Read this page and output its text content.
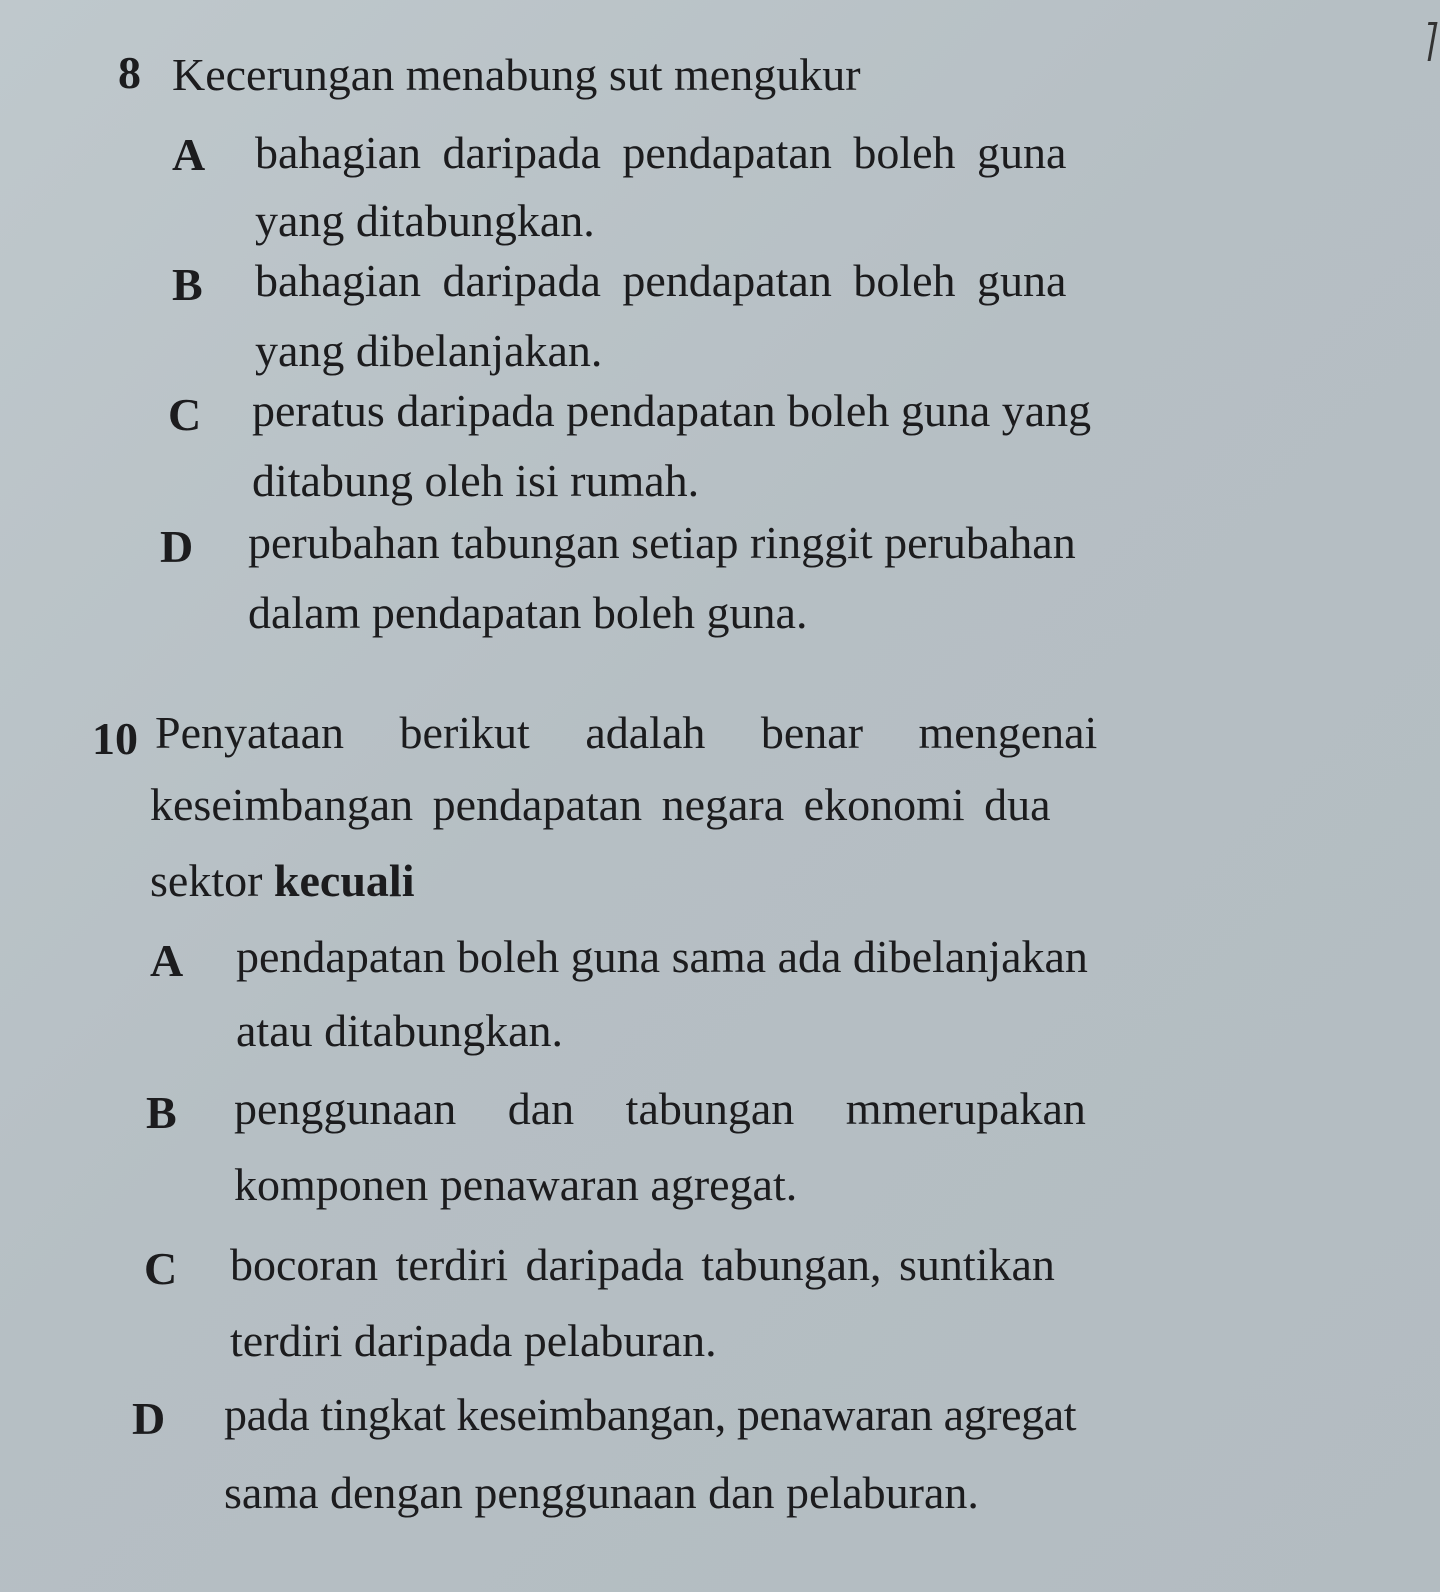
8 Kecerungan menabung sut mengukur
A bahagian daripada pendapatan boleh guna
yang ditabungkan.
B bahagian daripada pendapatan boleh guna
yang dibelanjakan.
C peratus daripada pendapatan boleh guna yang
ditabung oleh isi rumah.
D perubahan tabungan setiap ringgit perubahan
dalam pendapatan boleh guna.
10 Penyataan berikut adalah benar mengenai
keseimbangan pendapatan negara ekonomi dua
sektor kecuali
A pendapatan boleh guna sama ada dibelanjakan
atau ditabungkan.
B penggunaan dan tabungan mmerupakan
komponen penawaran agregat.
C bocoran terdiri daripada tabungan, suntikan
terdiri daripada pelaburan.
D pada tingkat keseimbangan, penawaran agregat
sama dengan penggunaan dan pelaburan.
